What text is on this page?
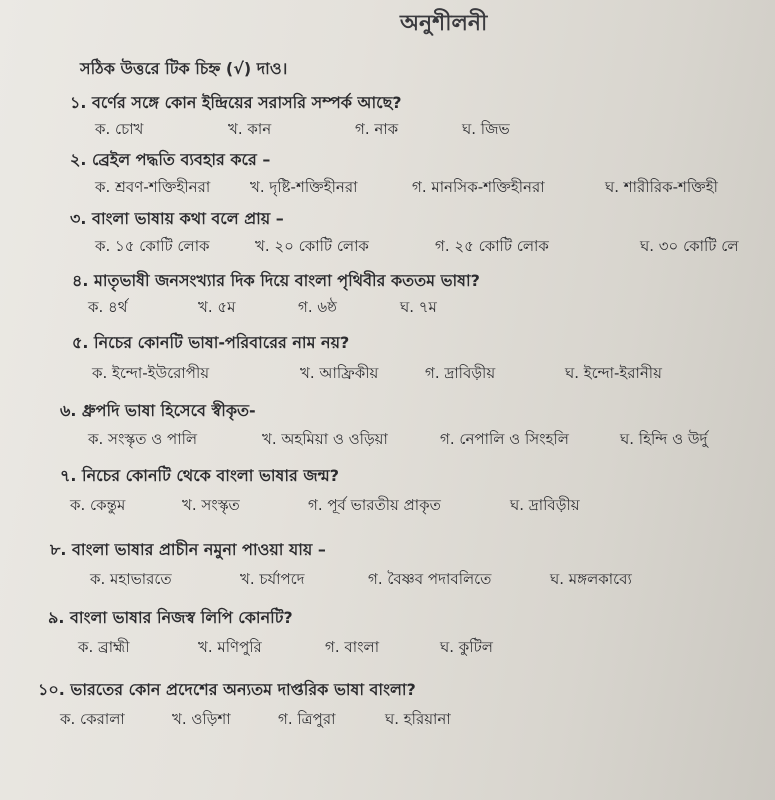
অনুশীলনী
সঠিক উত্তরে টিক চিহ্ন (√) দাও।
১. বর্ণের সঙ্গে কোন ইন্দ্রিয়ের সরাসরি সম্পর্ক আছে?
ক. চোখ	খ. কান	গ. নাক	ঘ. জিভ
২. ব্রেইল পদ্ধতি ব্যবহার করে –
ক. শ্রবণ-শক্তিহীনরা	খ. দৃষ্টি-শক্তিহীনরা	গ. মানসিক-শক্তিহীনরা	ঘ. শারীরিক-শক্তিহী
৩. বাংলা ভাষায় কথা বলে প্রায় –
ক. ১৫ কোটি লোক	খ. ২০ কোটি লোক	গ. ২৫ কোটি লোক	ঘ. ৩০ কোটি লে
৪. মাতৃভাষী জনসংখ্যার দিক দিয়ে বাংলা পৃথিবীর কততম ভাষা?
ক. ৪র্থ	খ. ৫ম	গ. ৬ষ্ঠ	ঘ. ৭ম
৫. নিচের কোনটি ভাষা-পরিবারের নাম নয়?
ক. ইন্দো-ইউরোপীয়	খ. আফ্রিকীয়	গ. দ্রাবিড়ীয়	ঘ. ইন্দো-ইরানীয়
৬. ধ্রুপদি ভাষা হিসেবে স্বীকৃত-
ক. সংস্কৃত ও পালি	খ. অহমিয়া ও ওড়িয়া	গ. নেপালি ও সিংহলি	ঘ. হিন্দি ও উর্দু
৭. নিচের কোনটি থেকে বাংলা ভাষার জন্ম?
ক. কেন্তুম	খ. সংস্কৃত	গ. পূর্ব ভারতীয় প্রাকৃত	ঘ. দ্রাবিড়ীয়
৮. বাংলা ভাষার প্রাচীন নমুনা পাওয়া যায় –
ক. মহাভারতে	খ. চর্যাপদে	গ. বৈষ্ণব পদাবলিতে	ঘ. মঙ্গলকাব্যে
৯. বাংলা ভাষার নিজস্ব লিপি কোনটি?
ক. ব্রাহ্মী	খ. মণিপুরি	গ. বাংলা	ঘ. কুটিল
১০. ভারতের কোন প্রদেশের অন্যতম দাপ্তরিক ভাষা বাংলা?
ক. কেরালা	খ. ওড়িশা	গ. ত্রিপুরা	ঘ. হরিয়ানা
